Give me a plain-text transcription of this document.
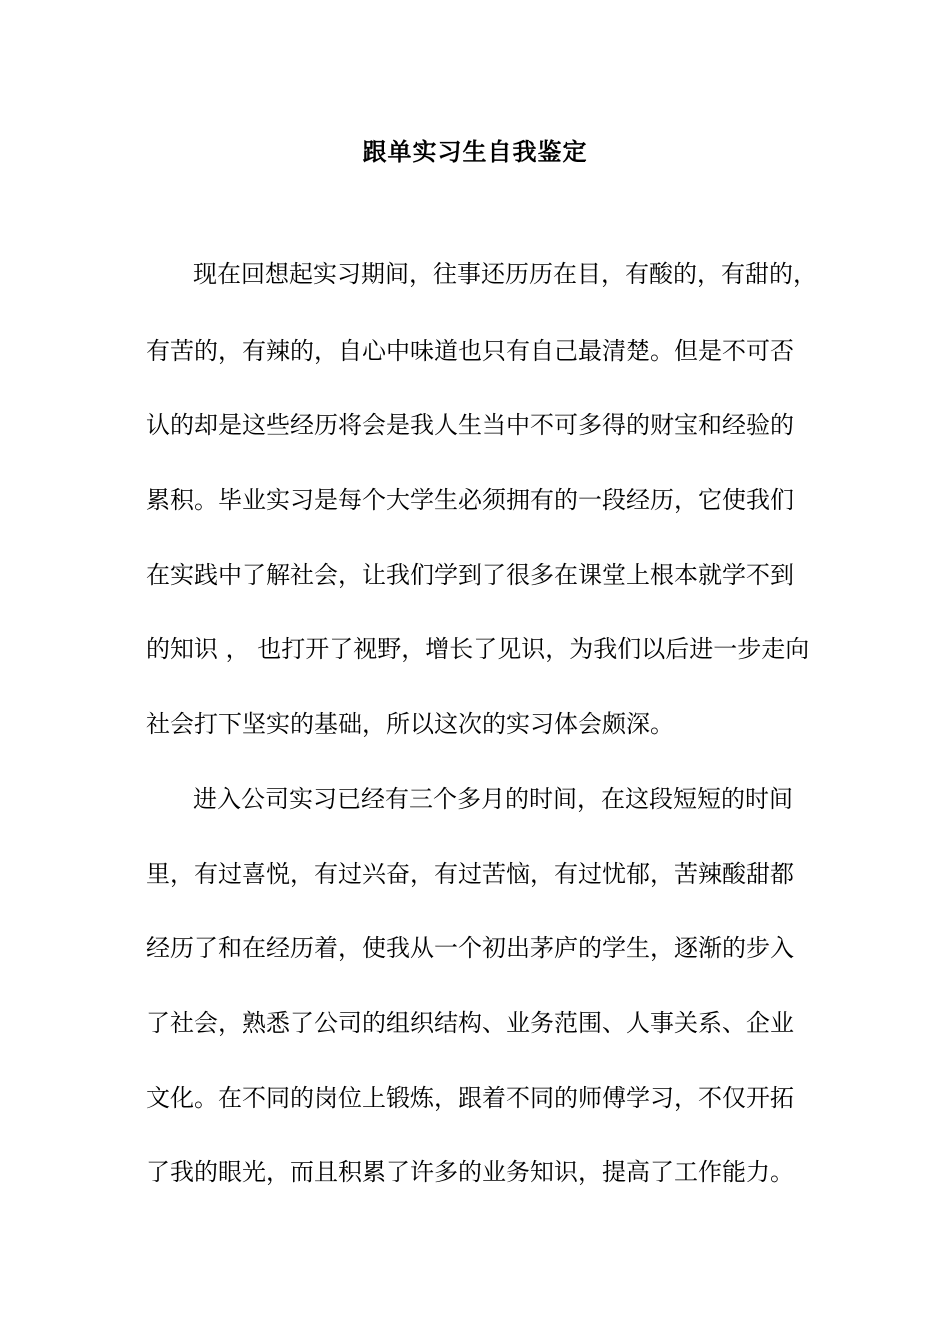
跟单实习生自我鉴定

现在回想起实习期间，往事还历历在目，有酸的，有甜的，

有苦的，有辣的，自心中味道也只有自己最清楚。但是不可否

认的却是这些经历将会是我人生当中不可多得的财宝和经验的

累积。毕业实习是每个大学生必须拥有的一段经历，它使我们

在实践中了解社会，让我们学到了很多在课堂上根本就学不到

的知识 ， 也打开了视野，增长了见识，为我们以后进一步走向

社会打下坚实的基础，所以这次的实习体会颇深。

进入公司实习已经有三个多月的时间，在这段短短的时间

里，有过喜悦，有过兴奋，有过苦恼，有过忧郁，苦辣酸甜都

经历了和在经历着，使我从一个初出茅庐的学生，逐渐的步入

了社会，熟悉了公司的组织结构、业务范围、人事关系、企业

文化。在不同的岗位上锻炼，跟着不同的师傅学习，不仅开拓

了我的眼光，而且积累了许多的业务知识，提高了工作能力。
